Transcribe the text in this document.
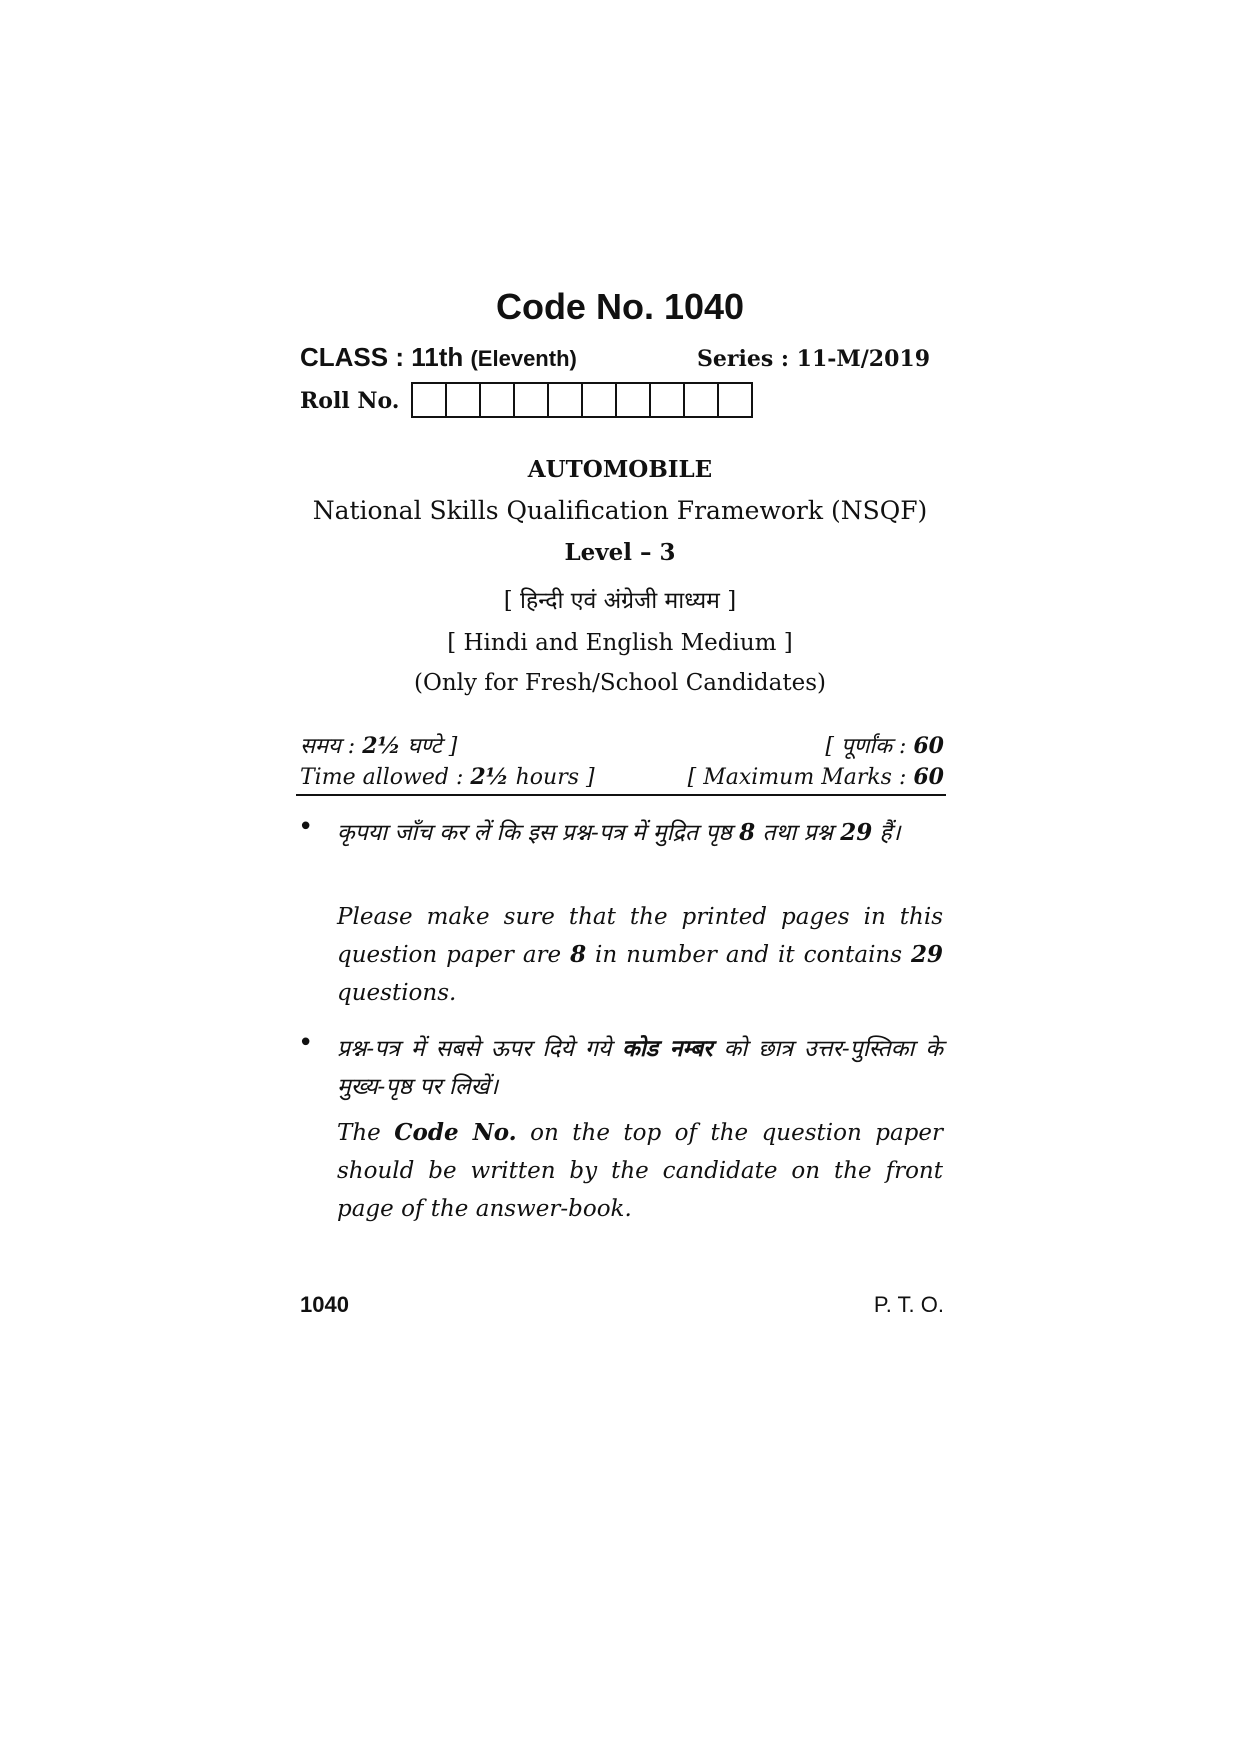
Code No. 1040
CLASS : 11th (Eleventh)	Series : 11-M/2019
Roll No.
AUTOMOBILE
National Skills Qualification Framework (NSQF)
Level – 3
[ हिन्दी एवं अंग्रेजी माध्यम ]
[ Hindi and English Medium ]
(Only for Fresh/School Candidates)
समय : 2½ घण्टे ]	[ पूर्णांक : 60
Time allowed : 2½ hours ]	[ Maximum Marks : 60
• कृपया जाँच कर लें कि इस प्रश्न-पत्र में मुद्रित पृष्ठ 8 तथा प्रश्न 29 हैं।
Please make sure that the printed pages in this question paper are 8 in number and it contains 29 questions.
• प्रश्न-पत्र में सबसे ऊपर दिये गये कोड नम्बर को छात्र उत्तर-पुस्तिका के मुख्य-पृष्ठ पर लिखें।
The Code No. on the top of the question paper should be written by the candidate on the front page of the answer-book.
1040	P. T. O.
